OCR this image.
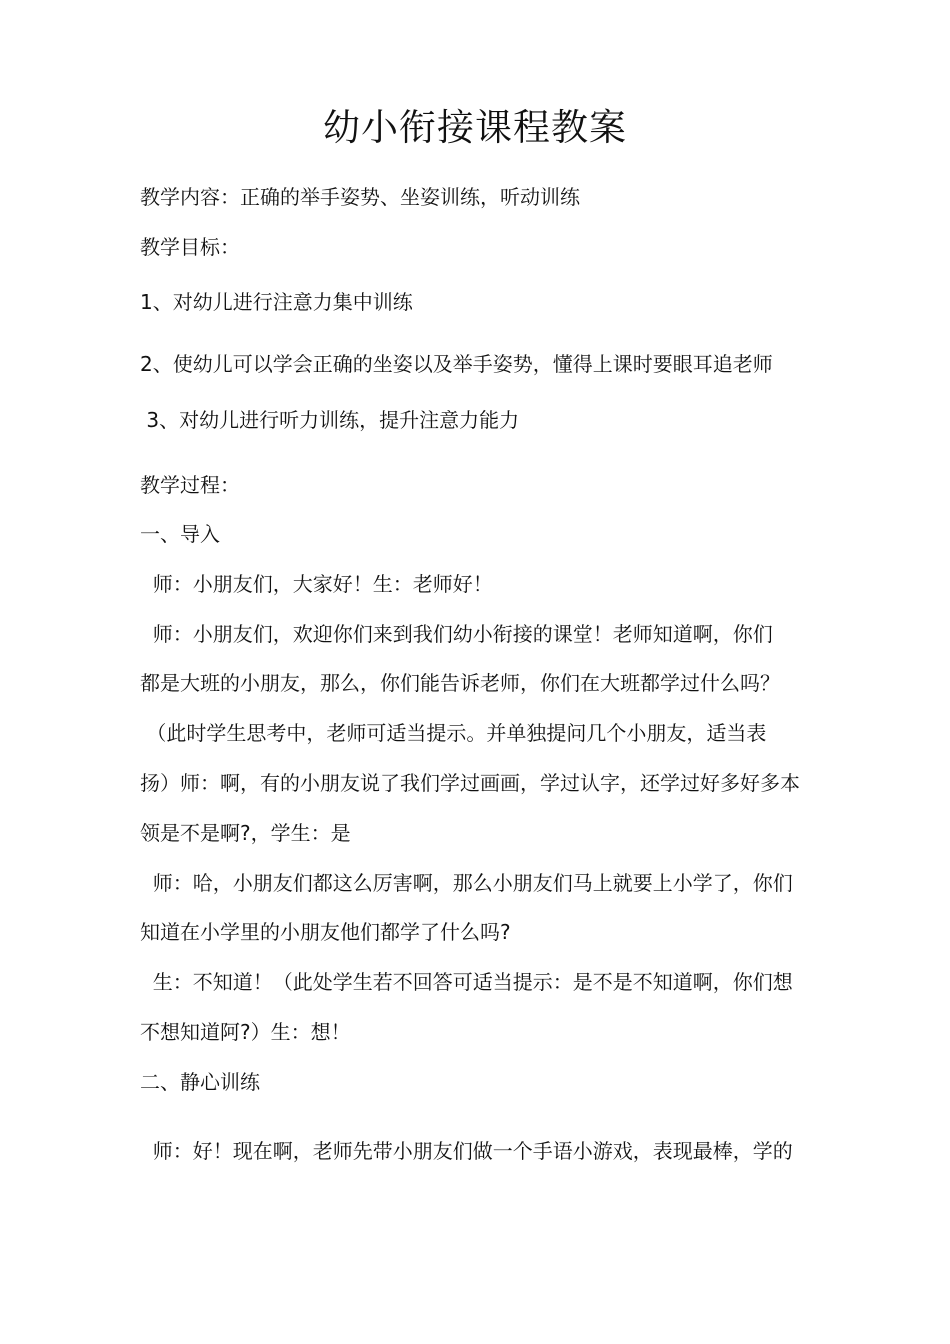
幼小衔接课程教案
教学内容：正确的举手姿势、坐姿训练，听动训练
教学目标：
1、对幼儿进行注意力集中训练
2、使幼儿可以学会正确的坐姿以及举手姿势，懂得上课时要眼耳追老师
3、对幼儿进行听力训练，提升注意力能力
教学过程：
一、导入
师：小朋友们，大家好！生：老师好！
师：小朋友们，欢迎你们来到我们幼小衔接的课堂！老师知道啊，你们
都是大班的小朋友，那么，你们能告诉老师，你们在大班都学过什么吗？
（此时学生思考中，老师可适当提示。并单独提问几个小朋友，适当表
扬）师：啊，有的小朋友说了我们学过画画，学过认字，还学过好多好多本
领是不是啊?，学生：是
师：哈，小朋友们都这么厉害啊，那么小朋友们马上就要上小学了，你们
知道在小学里的小朋友他们都学了什么吗?
生：不知道！（此处学生若不回答可适当提示：是不是不知道啊，你们想
不想知道阿?）生：想！
二、静心训练
师：好！现在啊，老师先带小朋友们做一个手语小游戏，表现最棒，学的
